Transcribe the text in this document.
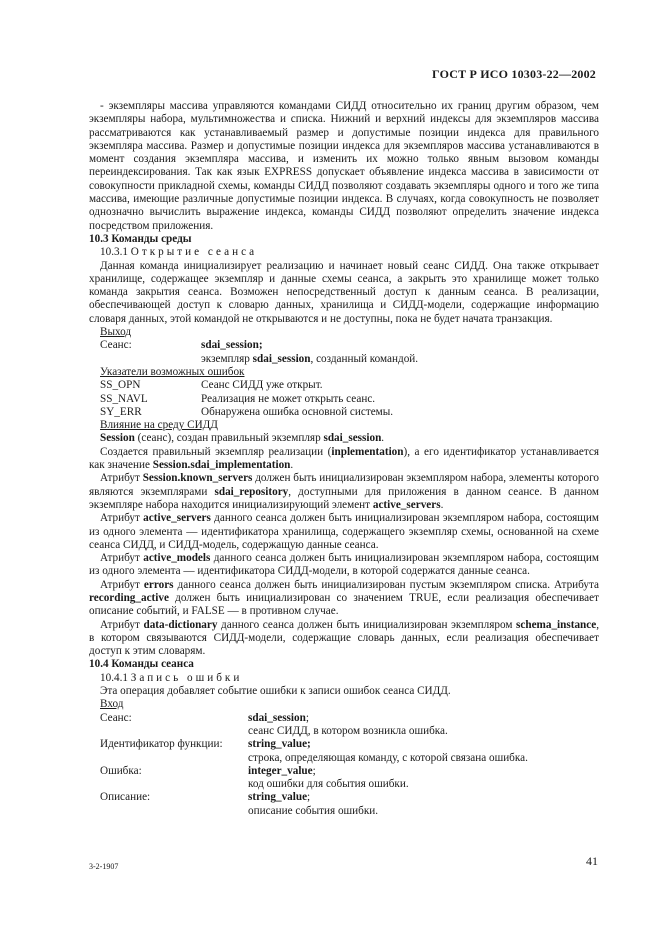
ГОСТ Р ИСО 10303-22—2002

- экземпляры массива управляются командами СИДД относительно их границ другим образом, чем экземпляры набора, мультимножества и списка. Нижний и верхний индексы для экземпляров массива рассматриваются как устанавливаемый размер и допустимые позиции индекса для правильного экземпляра массива. Размер и допустимые позиции индекса для экземпляров массива устанавливаются в момент создания экземпляра массива, и изменить их можно только явным вызовом команды переиндексирования. Так как язык EXPRESS допускает объявление индекса массива в зависимости от совокупности прикладной схемы, команды СИДД позволяют создавать экземпляры одного и того же типа массива, имеющие различные допустимые позиции индекса. В случаях, когда совокупность не позволяет однозначно вычислить выражение индекса, команды СИДД позволяют определить значение индекса посредством приложения.

10.3 Команды среды

10.3.1 Открытие сеанса

Данная команда инициализирует реализацию и начинает новый сеанс СИДД. Она также открывает хранилище, содержащее экземпляр и данные схемы сеанса, а закрыть это хранилище может только команда закрытия сеанса. Возможен непосредственный доступ к данным сеанса. В реализации, обеспечивающей доступ к словарю данных, хранилища и СИДД-модели, содержащие информацию словаря данных, этой командой не открываются и не доступны, пока не будет начата транзакция.

Выход

Сеанс:	sdai_session;

экземпляр sdai_session, созданный командой.

Указатели возможных ошибок

SS_OPN	Сеанс СИДД уже открыт.
SS_NAVL	Реализация не может открыть сеанс.
SY_ERR	Обнаружена ошибка основной системы.

Влияние на среду СИДД

Session (сеанс), создан правильный экземпляр sdai_session.

Создается правильный экземпляр реализации (inplementation), а его идентификатор устанавливается как значение Session.sdai_implementation.

Атрибут Session.known_servers должен быть инициализирован экземпляром набора, элементы которого являются экземплярами sdai_repository, доступными для приложения в данном сеансе. В данном экземпляре набора находится инициализирующий элемент active_servers.

Атрибут active_servers данного сеанса должен быть инициализирован экземпляром набора, состоящим из одного элемента — идентификатора хранилища, содержащего экземпляр схемы, основанной на схеме сеанса СИДД, и СИДД-модель, содержащую данные сеанса.

Атрибут active_models данного сеанса должен быть инициализирован экземпляром набора, состоящим из одного элемента — идентификатора СИДД-модели, в которой содержатся данные сеанса.

Атрибут errors данного сеанса должен быть инициализирован пустым экземпляром списка. Атрибута recording_active должен быть инициализирован со значением TRUE, если реализация обеспечивает описание событий, и FALSE — в противном случае.

Атрибут data-dictionary данного сеанса должен быть инициализирован экземпляром schema_instance, в котором связываются СИДД-модели, содержащие словарь данных, если реализация обеспечивает доступ к этим словарям.

10.4 Команды сеанса

10.4.1 Запись ошибки

Эта операция добавляет событие ошибки к записи ошибок сеанса СИДД.

Вход

Сеанс:	sdai_session;

сеанс СИДД, в котором возникла ошибка.

Идентификатор функции:	string_value;

строка, определяющая команду, с которой связана ошибка.

Ошибка:	integer_value;

код ошибки для события ошибки.

Описание:	string_value;

описание события ошибки.

3-2-1907	41
